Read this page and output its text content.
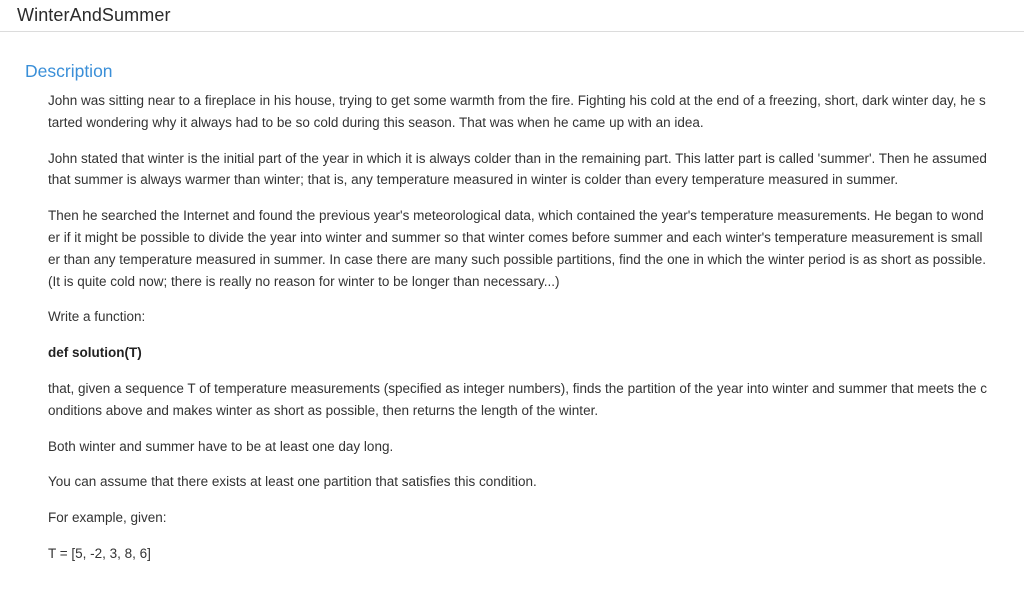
WinterAndSummer
Description

John was sitting near to a fireplace in his house, trying to get some warmth from the fire. Fighting his cold at the end of a freezing, short, dark winter day, he started wondering why it always had to be so cold during this season. That was when he came up with an idea.

John stated that winter is the initial part of the year in which it is always colder than in the remaining part. This latter part is called 'summer'. Then he assumed that summer is always warmer than winter; that is, any temperature measured in winter is colder than every temperature measured in summer.

Then he searched the Internet and found the previous year's meteorological data, which contained the year's temperature measurements. He began to wonder if it might be possible to divide the year into winter and summer so that winter comes before summer and each winter's temperature measurement is smaller than any temperature measured in summer. In case there are many such possible partitions, find the one in which the winter period is as short as possible. (It is quite cold now; there is really no reason for winter to be longer than necessary...)

Write a function:

def solution(T)

that, given a sequence T of temperature measurements (specified as integer numbers), finds the partition of the year into winter and summer that meets the conditions above and makes winter as short as possible, then returns the length of the winter.

Both winter and summer have to be at least one day long.

You can assume that there exists at least one partition that satisfies this condition.

For example, given:

T = [5, -2, 3, 8, 6]
